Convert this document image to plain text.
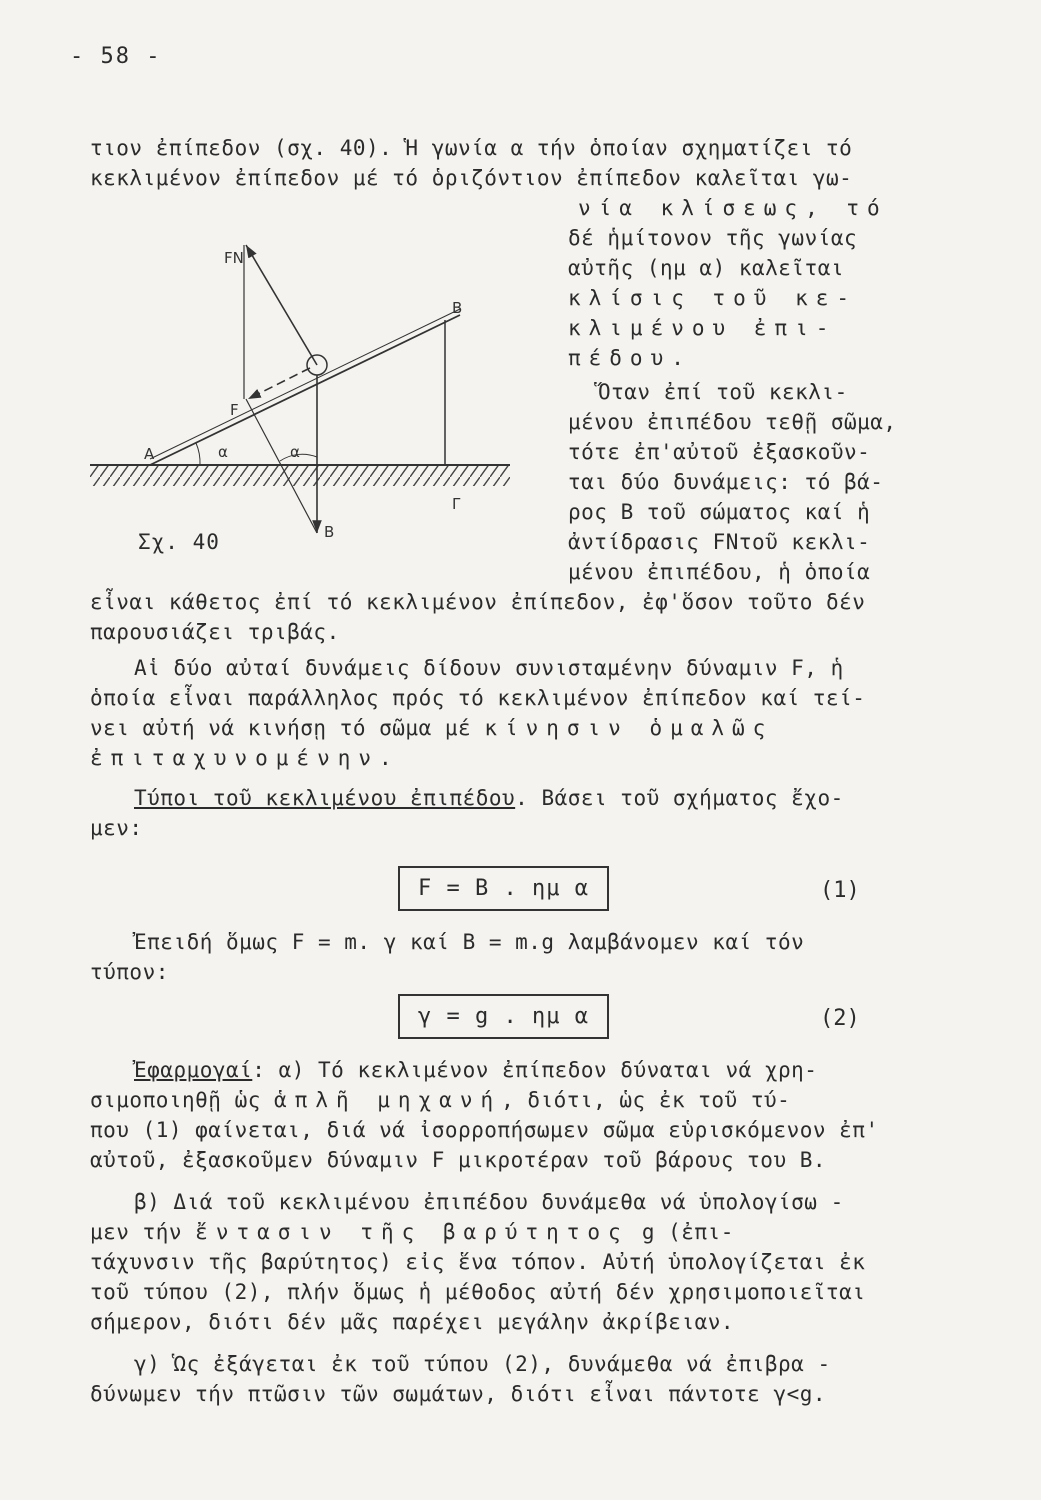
- 58 -
τιον ἐπίπεδον (σχ. 40). Ἡ γωνία α τήν ὁποίαν σχηματίζει τό
κεκλιμένον ἐπίπεδον μέ τό ὁριζόντιον ἐπίπεδον καλεῖται γω-
νία κλίσεως, τό
δέ ἡμίτονον τῆς γωνίας
αὐτῆς (ημ α) καλεῖται
κλίσις τοῦ κε-
κλιμένου ἐπι-
πέδου.
Ὅταν ἐπί τοῦ κεκλι-
μένου ἐπιπέδου τεθῇ σῶμα,
τότε ἐπ'αὐτοῦ ἐξασκοῦν-
ται δύο δυνάμεις: τό βά-
ρος Β τοῦ σώματος καί ἡ
ἀντίδρασις FΝτοῦ κεκλι-
μένου ἐπιπέδου, ἡ ὁποία
εἶναι κάθετος ἐπί τό κεκλιμένον ἐπίπεδον, ἐφ'ὅσον τοῦτο δέν
παρουσιάζει τριβάς.
FN
F
A
B
Γ
B
α	α
Σχ. 40
Αἱ δύο αὐταί δυνάμεις δίδουν συνισταμένην δύναμιν F, ἡ
ὁποία εἶναι παράλληλος πρός τό κεκλιμένον ἐπίπεδον καί τεί-
νει αὐτή νά κινήσῃ τό σῶμα μέ κίνησιν ὁμαλῶς
ἐπιταχυνομένην.
Τύποι τοῦ κεκλιμένου ἐπιπέδου. Βάσει τοῦ σχήματος ἔχο-
μεν:
F = B . ημ α	(1)
Ἐπειδή ὅμως F = m. γ καί B = m.g λαμβάνομεν καί τόν
τύπον:
γ = g . ημ α	(2)
Ἐφαρμογαί: α) Τό κεκλιμένον ἐπίπεδον δύναται νά χρη-
σιμοποιηθῇ ὡς ἁπλῆ μηχανή, διότι, ὡς ἐκ τοῦ τύ-
που (1) φαίνεται, διά νά ἰσορροπήσωμεν σῶμα εὑρισκόμενον ἐπ'
αὐτοῦ, ἐξασκοῦμεν δύναμιν F μικροτέραν τοῦ βάρους του Β.
β) Διά τοῦ κεκλιμένου ἐπιπέδου δυνάμεθα νά ὑπολογίσω -
μεν τήν ἔντασιν τῆς βαρύτητος g (ἐπι-
τάχυνσιν τῆς βαρύτητος) εἰς ἕνα τόπον. Αὐτή ὑπολογίζεται ἐκ
τοῦ τύπου (2), πλήν ὅμως ἡ μέθοδος αὐτή δέν χρησιμοποιεῖται
σήμερον, διότι δέν μᾶς παρέχει μεγάλην ἀκρίβειαν.
γ) Ὡς ἐξάγεται ἐκ τοῦ τύπου (2), δυνάμεθα νά ἐπιβρα -
δύνωμεν τήν πτῶσιν τῶν σωμάτων, διότι εἶναι πάντοτε γ<g.
